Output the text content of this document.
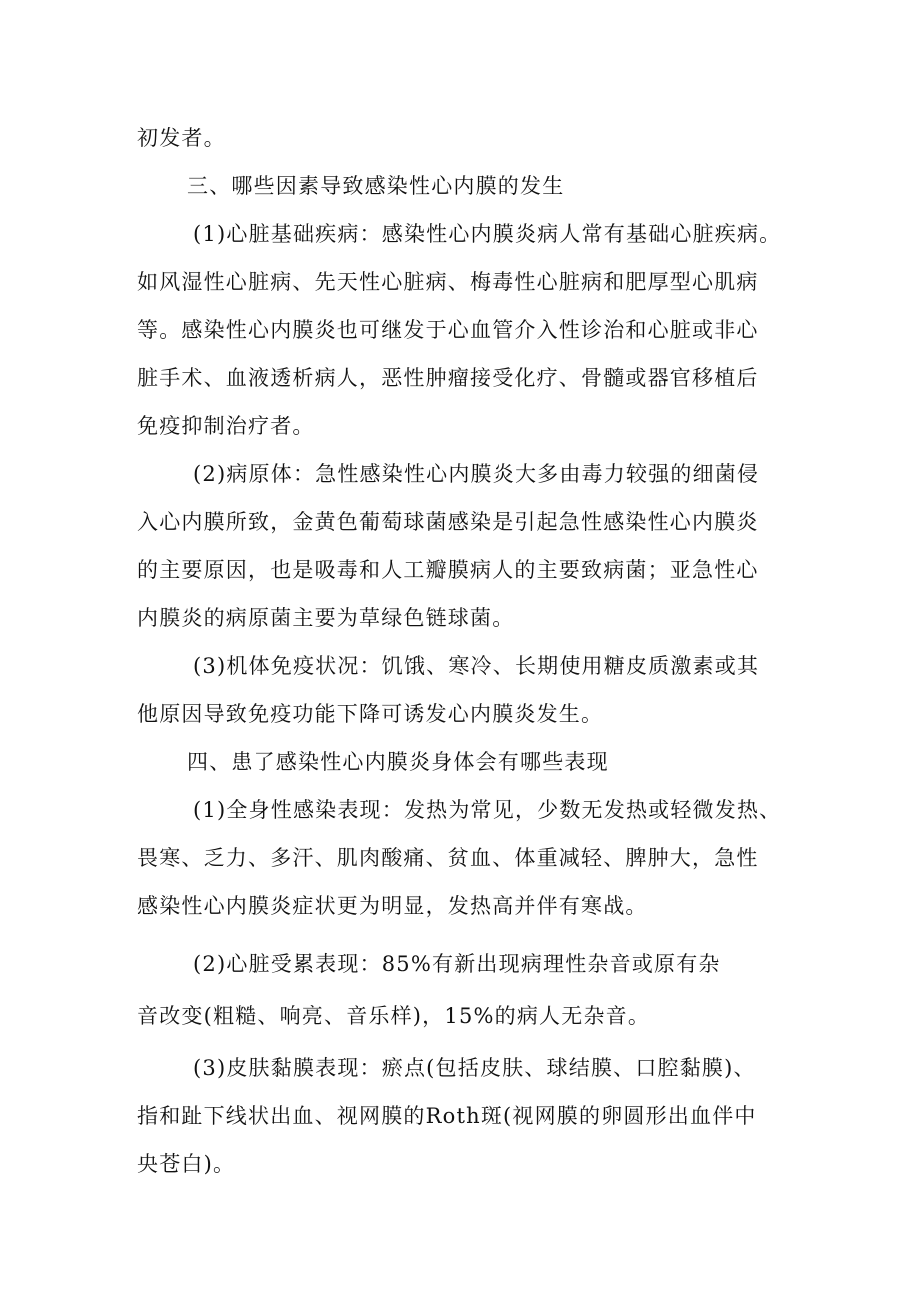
初发者。
三、哪些因素导致感染性心内膜的发生
(1)心脏基础疾病：感染性心内膜炎病人常有基础心脏疾病。
如风湿性心脏病、先天性心脏病、梅毒性心脏病和肥厚型心肌病
等。感染性心内膜炎也可继发于心血管介入性诊治和心脏或非心
脏手术、血液透析病人，恶性肿瘤接受化疗、骨髓或器官移植后
免疫抑制治疗者。
(2)病原体：急性感染性心内膜炎大多由毒力较强的细菌侵
入心内膜所致，金黄色葡萄球菌感染是引起急性感染性心内膜炎
的主要原因，也是吸毒和人工瓣膜病人的主要致病菌；亚急性心
内膜炎的病原菌主要为草绿色链球菌。
(3)机体免疫状况：饥饿、寒冷、长期使用糖皮质激素或其
他原因导致免疫功能下降可诱发心内膜炎发生。
四、患了感染性心内膜炎身体会有哪些表现
(1)全身性感染表现：发热为常见，少数无发热或轻微发热、
畏寒、乏力、多汗、肌肉酸痛、贫血、体重减轻、脾肿大，急性
感染性心内膜炎症状更为明显，发热高并伴有寒战。
(2)心脏受累表现：85%有新出现病理性杂音或原有杂
音改变(粗糙、响亮、音乐样)，15%的病人无杂音。
(3)皮肤黏膜表现：瘀点(包括皮肤、球结膜、口腔黏膜)、
指和趾下线状出血、视网膜的Roth斑(视网膜的卵圆形出血伴中
央苍白)。
